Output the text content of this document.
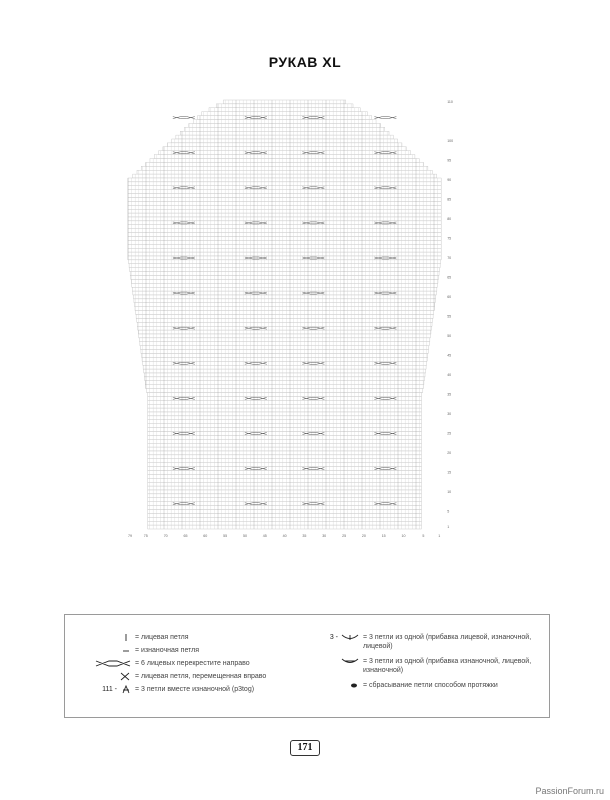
РУКАВ XL
110
100
95
90
85
80
75
70
65
60
55
50
45
40
35
30
25
20
15
10
5
1
1
5
10
15
20
25
30
35
40
45
50
55
60
65
70
75
79
= лицевая петля
= изнаночная петля
= 6 лицевых перекрестите направо
= лицевая петля, перемещенная вправо
111 -	= 3 петли вместе изнаночной (p3tog)
3 -	= 3 петли из одной (прибавка лицевой, изнаночной, лицевой)
= 3 петли из одной (прибавка изнаночной, лицевой, изнаночной)
= сбрасывание петли способом протяжки
171
PassionForum.ru
